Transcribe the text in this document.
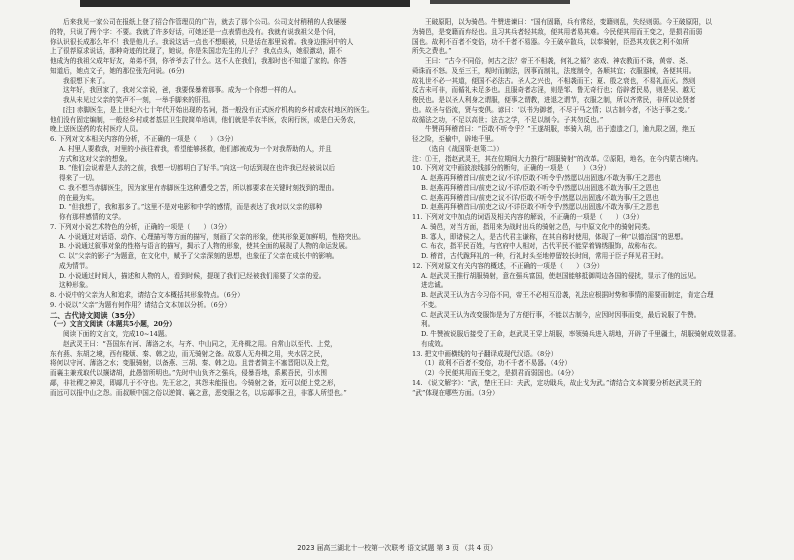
后来我见一家公司在报纸上登了招合作管理员的广告，就去了那个公司。公司支付稍稍的人我屡屡
的特，只说了两个字：不要。我就了许多好话，可她还是一点表情也没有。我就有说我祖父是个问，
你认识很长成那么年不！我是他儿子。我说这话一点也不想眼被，只是话在那里说着。我身边推河中的人
上了很荐原求说话，那种奇迹的比现了，她说，你是朱国忠先生的儿子？ 我点点头，她很激动，跟不
他成为的我祖父成年好友，弟弟不到，你爷爷去了什么。这不人在我们，我那时也不知道了家的。你答
知道后，她点文子，她的那位张先问说。(6分)
我很想下来了。
这年好，我回家了，我对父亲说，爸，我要保暴着那事。成为一个你想一样的人。
我从未见过父亲的笑声不一刻，一举手脚来的肝泪。
[注] 赤脚医生，是上世纪六七十年代开始出现的名词，指一般没有正式医疗机构的乡村或农村地区的医生。
他们没有固定编制，一般经乡村或者基层卫生院简单培训，他们就是半农半医，农闲行医，或是白天务农，
晚上送医送药的农村医疗人员。
6. 下列对文本相关内容的分析，不正确的一项是（　　）（3分）
A. 村里人要救我，对里的小孩往着我，希望能够拯救，他们都被成为一个对我帮助的人，并且
方式和这对父亲的想象。
B. “他们会说着是人去的之前，我想一切都明白了好半。”向这一句话到现在也许我已经被说以后
得来了一切。
C. 我不想当赤脚医生，因为家里有赤脚医生这种遭受之苦，所以都要求在关键时刻找到的理由。
的在最为实。
D. “但我想了，我和那多了。”这里不是对电影和中学的感情，而是表达了我对以父亲的那种
你有那样感情的文学。
7. 下列对小说艺术特色的分析，正确的一项是（　　）（3分）
A. 小说通过对话语、动作、心理描写等方面的描写，刻画了父亲的形象，使其形象更加鲜明，性格突出。
B. 小说通过叙事对象的性格与语言的描写，揭示了人物的形象，使其全面的展现了人物的命运发展。
C. 以“父亲的影子”为题意，在文化中，赋予了父亲深刻的思想，也象征了父亲在成长中的影响。
成为情节。
D. 小说通过时间人，描述和人物的人，看到时候，提现了我们已经被我们需要了父亲的爱。
这种形象。
8. 小说中的父亲为人和追求，请结合文本概括其形象特点。（6分）
9. 小说以“父亲”为题有何作用？请结合文本加以分析。（6分）
二、古代诗文阅读（35分）
（一）文言文阅读（本题共5小题，20分）
阅读下面的文言文，完成10~14题。
赵武灵王曰：“吾国东有河、薄洛之水，与齐、中山同之，无舟楫之用。自常山以至代、上党，
东有燕、东胡之境，西有楼烦、秦、韩之边，而无骑射之备。故寡人无舟楫之用，夹水居之民，
将何以守河、薄洛之水；变服骑射，以备燕、三胡、秦、韩之边。且昔者简主不塞晋阳以及上党，
而襄主兼戎取代以攘诸胡，此愚智所明也。”先时中山负齐之强兵，侵暴吾地，系累吾民，引水围
鄗，非社稷之神灵，即鄗几于不守也。先王忿之，其怨未能报也。今骑射之备，近可以便上党之形，
而远可以报中山之怨。而叔顺中国之俗以逆简、襄之意，恶变服之名，以忘鄗事之丑，非寡人所望也。”
王破原阳，以为骑邑。牛赞进谏曰：“国有固籍，兵有常经，变籍则乱，失经则弱。今王破原阳，以
为骑邑，是变籍而弃经也。且习其兵者轻其敌，便其用者易其难。今民便其用而王变之，是损君而弱
国也。故利不百者不变俗，功不千者不易器。今王破卒散兵，以奉骑射，臣恐其攻获之利不如所
所失之费也。”
王曰：“古今不同俗，何古之法？帝王不相袭，何礼之循？宓戏、神农教而不诛，黄帝、尧、
舜诛而不怒。及至三王，观时而制法，因事而制礼，法度制令，各顺其宜；衣服器械，各便其用。
故礼世不必一其道，便国不必法古。圣人之兴也，不相袭而王；夏、殷之衰也，不易礼而灭。然则
反古未可非，而循礼未足多也。且服奇者志淫，则是邹、鲁无奇行也；俗辟者民易，则是吴、越无
俊民也。是以圣人利身之谓服，便事之谓教，进退之谓节，衣服之制，所以齐常民，非所以论贤者
也。故圣与俗流，贤与变俱。谚曰：‘以书为御者，不尽于马之情；以古制今者，不达于事之变。’
故循法之功，不足以高世；法古之学，不足以制今。子其勿反也。”
牛赞再拜稽首曰：“臣敢不听令乎？”王遂胡服，率骑入胡，出于遗遗之门，逾九限之固，绝五
径之险，至榆中，辟地千里。
（选自《战国策·赵策二》）
注：①王，指赵武灵王，其在位期间大力推行“胡服骑射”的改革。②原阳，地名，在今内蒙古境内。
10. 下列对文中画波浪线部分的断句，正确的一项是（　　）（3分）
A. 赵燕再拜稽首曰/前吏之议/不详/臣敢不听令乎/然愿以出固逃/不敢为事/王之恩也
B. 赵燕再拜稽首曰/前吏之议/不详/臣敢不听令乎/然愿以出固逃不敢为事/王之恩也
C. 赵燕再拜稽首曰/前吏之议不详/臣敢不听令乎/然愿以出固逃/不敢为事/王之恩也
D. 赵燕再拜稽首曰/前吏之议/不详臣敢不听令乎/然愿以出固逃/不敢为事/王之恩也
11. 下列对文中加点的词语及相关内容的解说，不正确的一项是（　　）（3分）
A. 骑邑，对当方面，指用来为战时出兵的骑射之邑，与中原文化中的骑射同类。
B. 寡人，即诸侯之人，是古代君主谦称，在其自称时使用，体现了一种“以德治国”的思想。
C. 布衣，指平民百姓，与官府中人相对，古代平民不能穿着锦绣服饰，故称布衣。
D. 稽首，古代跪拜礼的一种，行礼时头至地停留较长时间，常用于臣子拜见君王时。
12. 下列对原文有关内容的概述，不正确的一项是（　　）（3分）
A. 赵武灵王推行胡服骑射，意在强兵富国，使赵国能够抵御周边各国的侵扰，显示了他的远见。
进忠诚。
B. 赵武灵王认为古今习俗不同，帝王不必相互沿袭，礼法应根据时势和事情的需要而制定，肯定合理
不变。
C. 赵武灵王认为改变服饰是为了方便行事，不能以古制今，应因时因事而变，最后说服了牛赞。
利。
D. 牛赞被说服后接受了王命，赵武灵王穿上胡服，率领骑兵进入胡地，开辟了千里疆土，胡服骑射成效显著。
有成效。
13. 把文中画横线的句子翻译成现代汉语。（8分）
（1）故利不百者不变俗，功不千者不易器。（4分）
（2）今民便其用而王变之，是损君而弱国也。（4分）
14. 《说文解字》：“武，楚庄王曰：夫武，定功戢兵，故止戈为武。”请结合文本简要分析赵武灵王的
“武”体现在哪些方面。（3分）
2023 届高三湖北十一校第一次联考 语文试题 第 3 页 （共 4 页）
